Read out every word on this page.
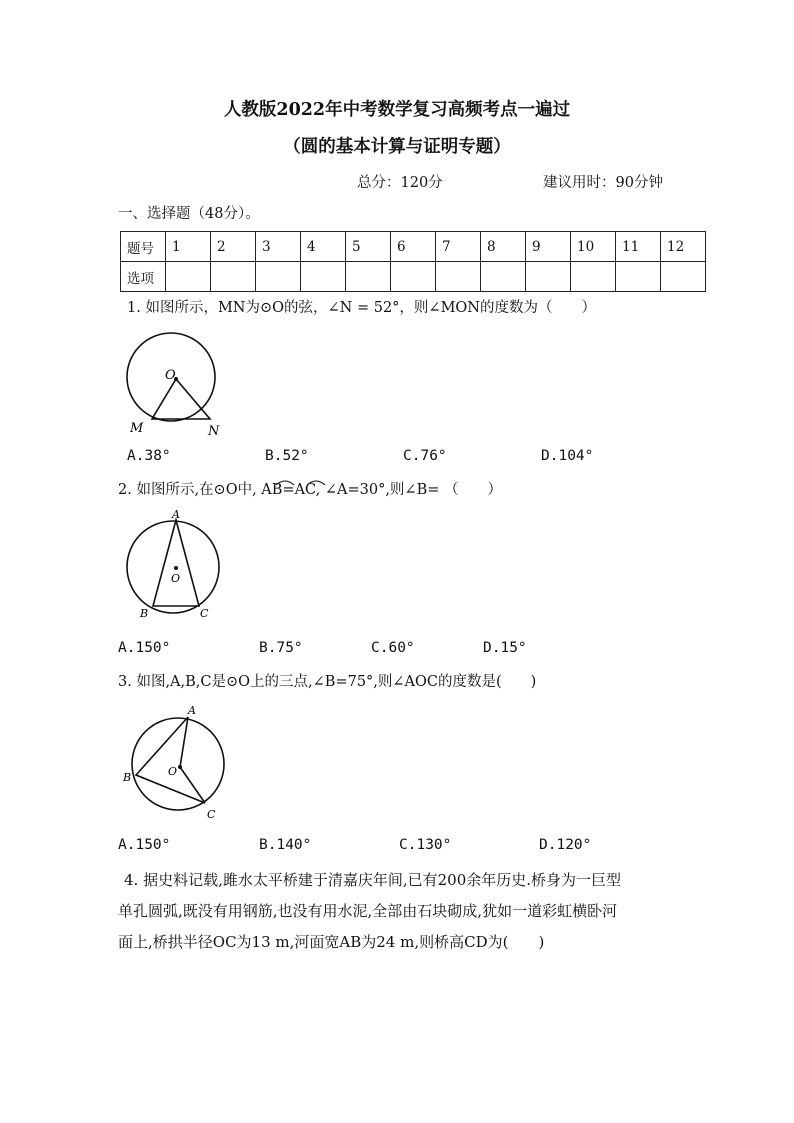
人教版2022年中考数学复习高频考点一遍过
（圆的基本计算与证明专题）
总分：120分	建议用时：90分钟
一、选择题（48分）。
题号	1	2	3	4	5	6	7	8	9	10	11	12
选项												
1. 如图所示，MN为⊙O的弦，∠N = 52°，则∠MON的度数为（　　）
O
M	N
A.38°	B.52°	C.76°	D.104°
2. 如图所示,在⊙O中, AB=AC, ∠A=30°,则∠B= （　　）
A
O
B	C
A.150°	B.75°	C.60°	D.15°
3. 如图,A,B,C是⊙O上的三点,∠B=75°,则∠AOC的度数是(　　)
A
O
B
C
A.150°	B.140°	C.130°	D.120°
4. 据史料记载,雎水太平桥建于清嘉庆年间,已有200余年历史.桥身为一巨型
单孔圆弧,既没有用钢筋,也没有用水泥,全部由石块砌成,犹如一道彩虹横卧河
面上,桥拱半径OC为13 m,河面宽AB为24 m,则桥高CD为(　　)
